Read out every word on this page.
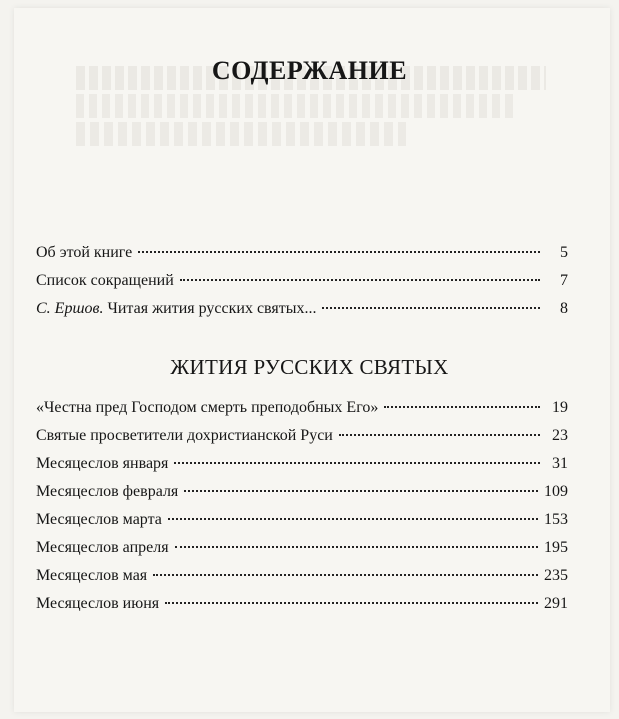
СОДЕРЖАНИЕ
Об этой книге	5
Список сокращений	7
С. Ершов. Читая жития русских святых...	8
ЖИТИЯ РУССКИХ СВЯТЫХ
«Честна пред Господом смерть преподобных Его»	19
Святые просветители дохристианской Руси	23
Месяцеслов января	31
Месяцеслов февраля	109
Месяцеслов марта	153
Месяцеслов апреля	195
Месяцеслов мая	235
Месяцеслов июня	291
